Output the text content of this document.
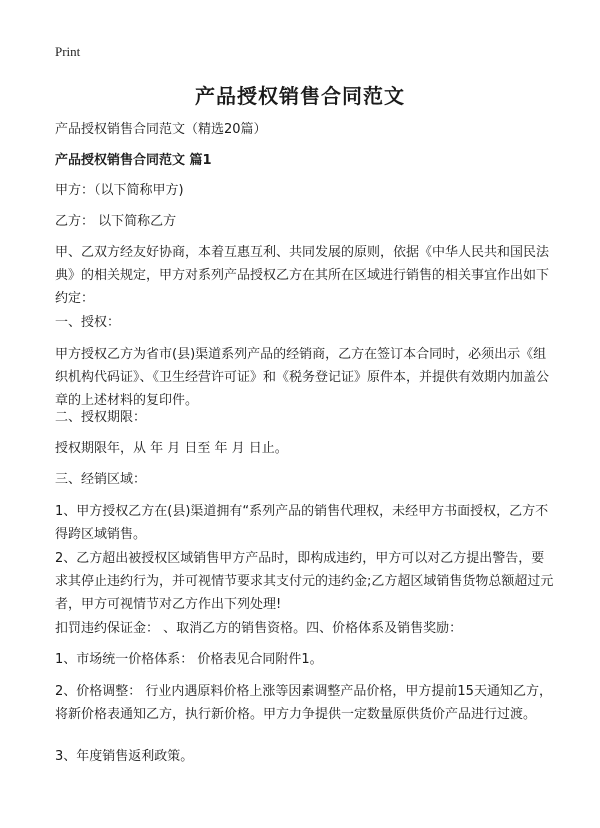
Print
产品授权销售合同范文

产品授权销售合同范文（精选20篇）

产品授权销售合同范文 篇1

甲方：（以下简称甲方)

乙方： 以下简称乙方

甲、乙双方经友好协商，本着互惠互利、共同发展的原则，依据《中华人民共和国民法典》的相关规定，甲方对系列产品授权乙方在其所在区域进行销售的相关事宜作出如下约定：

一、授权：

甲方授权乙方为省市(县)渠道系列产品的经销商，乙方在签订本合同时，必须出示《组织机构代码证》、《卫生经营许可证》和《税务登记证》原件本，并提供有效期内加盖公章的上述材料的复印件。

二、授权期限：

授权期限年，从 年 月 日至 年 月 日止。

三、经销区域：

1、甲方授权乙方在(县)渠道拥有“系列产品的销售代理权，未经甲方书面授权，乙方不得跨区域销售。

2、乙方超出被授权区域销售甲方产品时，即构成违约，甲方可以对乙方提出警告，要求其停止违约行为，并可视情节要求其支付元的违约金;乙方超区域销售货物总额超过元者，甲方可视情节对乙方作出下列处理!

扣罚违约保证金： 、取消乙方的销售资格。四、价格体系及销售奖励：

1、市场统一价格体系： 价格表见合同附件1。

2、价格调整： 行业内遇原料价格上涨等因素调整产品价格，甲方提前15天通知乙方，将新价格表通知乙方，执行新价格。甲方力争提供一定数量原供货价产品进行过渡。

3、年度销售返利政策。
